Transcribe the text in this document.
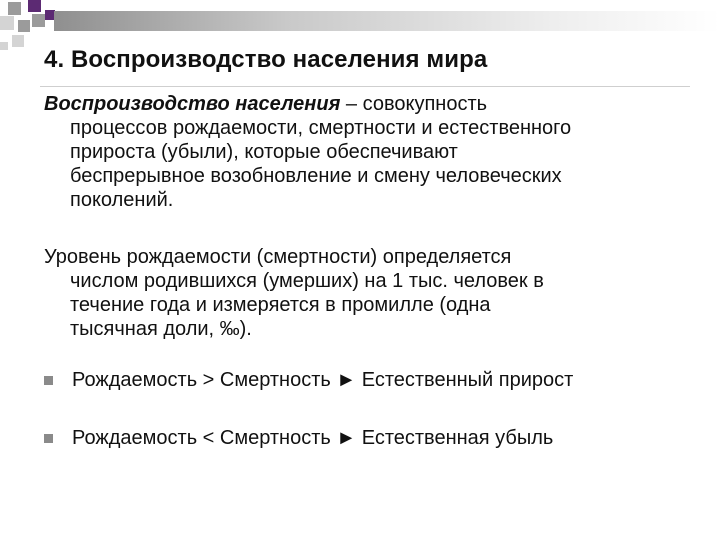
4. Воспроизводство населения мира
Воспроизводство населения – совокупность
процессов рождаемости, смертности и естественного
прироста (убыли), которые обеспечивают
беспрерывное возобновление и смену человеческих
поколений.
Уровень рождаемости (смертности) определяется
числом родившихся (умерших) на 1 тыс. человек в
течение года и измеряется в промилле (одна
тысячная доли, ‰).
Рождаемость > Смертность ► Естественный прирост
Рождаемость < Смертность ► Естественная убыль
